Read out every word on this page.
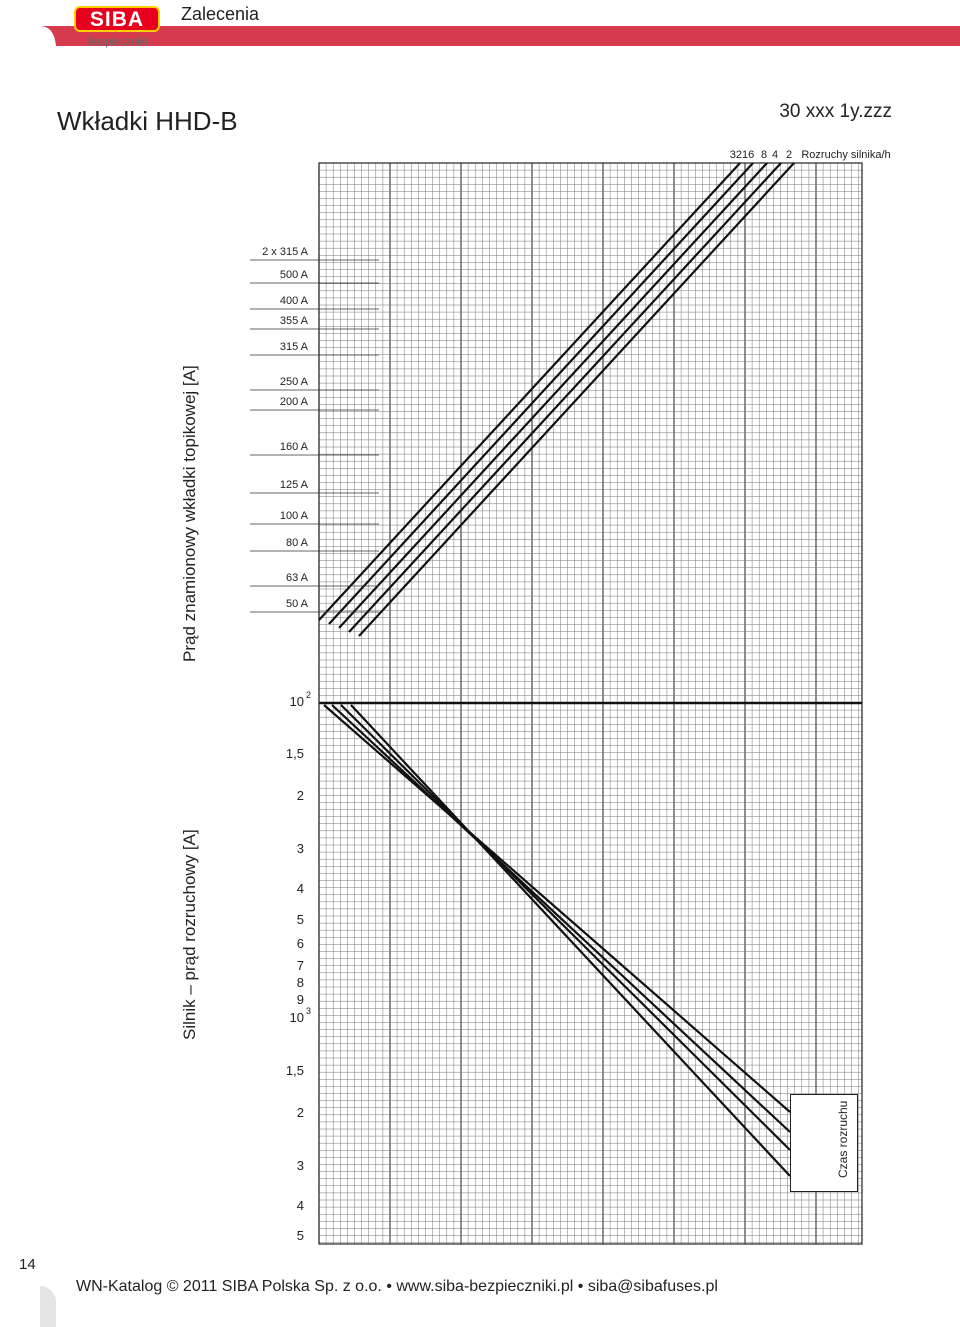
SIBA
Bezpieczniki
Zalecenia
Wkładki HHD-B	30 xxx 1y.zzz
Prąd znamionowy wkładki topikowej [A]
Silnik – prąd rozruchowy [A]
2 x 315 A
500 A
400 A
355 A
315 A
250 A
200 A
160 A
125 A
100 A
80 A
63 A
50 A
10 2
1,5
2
3
4
5
6
7
8
9
10 3
1,5
2
3
4
5
3216 8 4 2 Rozruchy silnika/h
Czas rozruchu
14
WN-Katalog © 2011 SIBA Polska Sp. z o.o. • www.siba-bezpieczniki.pl • siba@sibafuses.pl
